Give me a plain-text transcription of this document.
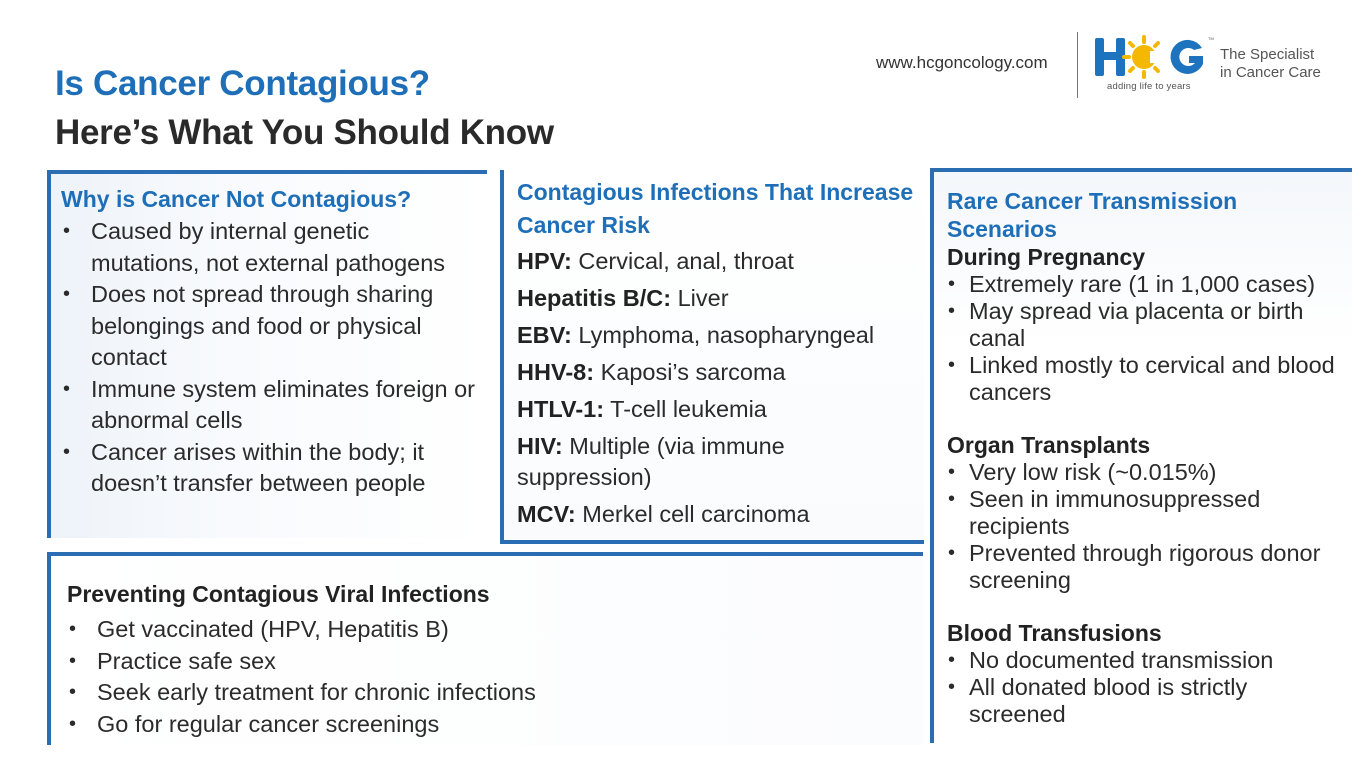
Is Cancer Contagious?
Here’s What You Should Know
www.hcgoncology.com
TM
adding life to years
The Specialist
in Cancer Care
Why is Cancer Not Contagious?
• Caused by internal genetic mutations, not external pathogens
• Does not spread through sharing belongings and food or physical contact
• Immune system eliminates foreign or abnormal cells
• Cancer arises within the body; it doesn’t transfer between people
Contagious Infections That Increase Cancer Risk
HPV: Cervical, anal, throat
Hepatitis B/C: Liver
EBV: Lymphoma, nasopharyngeal
HHV-8: Kaposi’s sarcoma
HTLV-1: T-cell leukemia
HIV: Multiple (via immune suppression)
MCV: Merkel cell carcinoma
Rare Cancer Transmission Scenarios
During Pregnancy
• Extremely rare (1 in 1,000 cases)
• May spread via placenta or birth canal
• Linked mostly to cervical and blood cancers
Organ Transplants
• Very low risk (~0.015%)
• Seen in immunosuppressed recipients
• Prevented through rigorous donor screening
Blood Transfusions
• No documented transmission
• All donated blood is strictly screened
Preventing Contagious Viral Infections
• Get vaccinated (HPV, Hepatitis B)
• Practice safe sex
• Seek early treatment for chronic infections
• Go for regular cancer screenings
